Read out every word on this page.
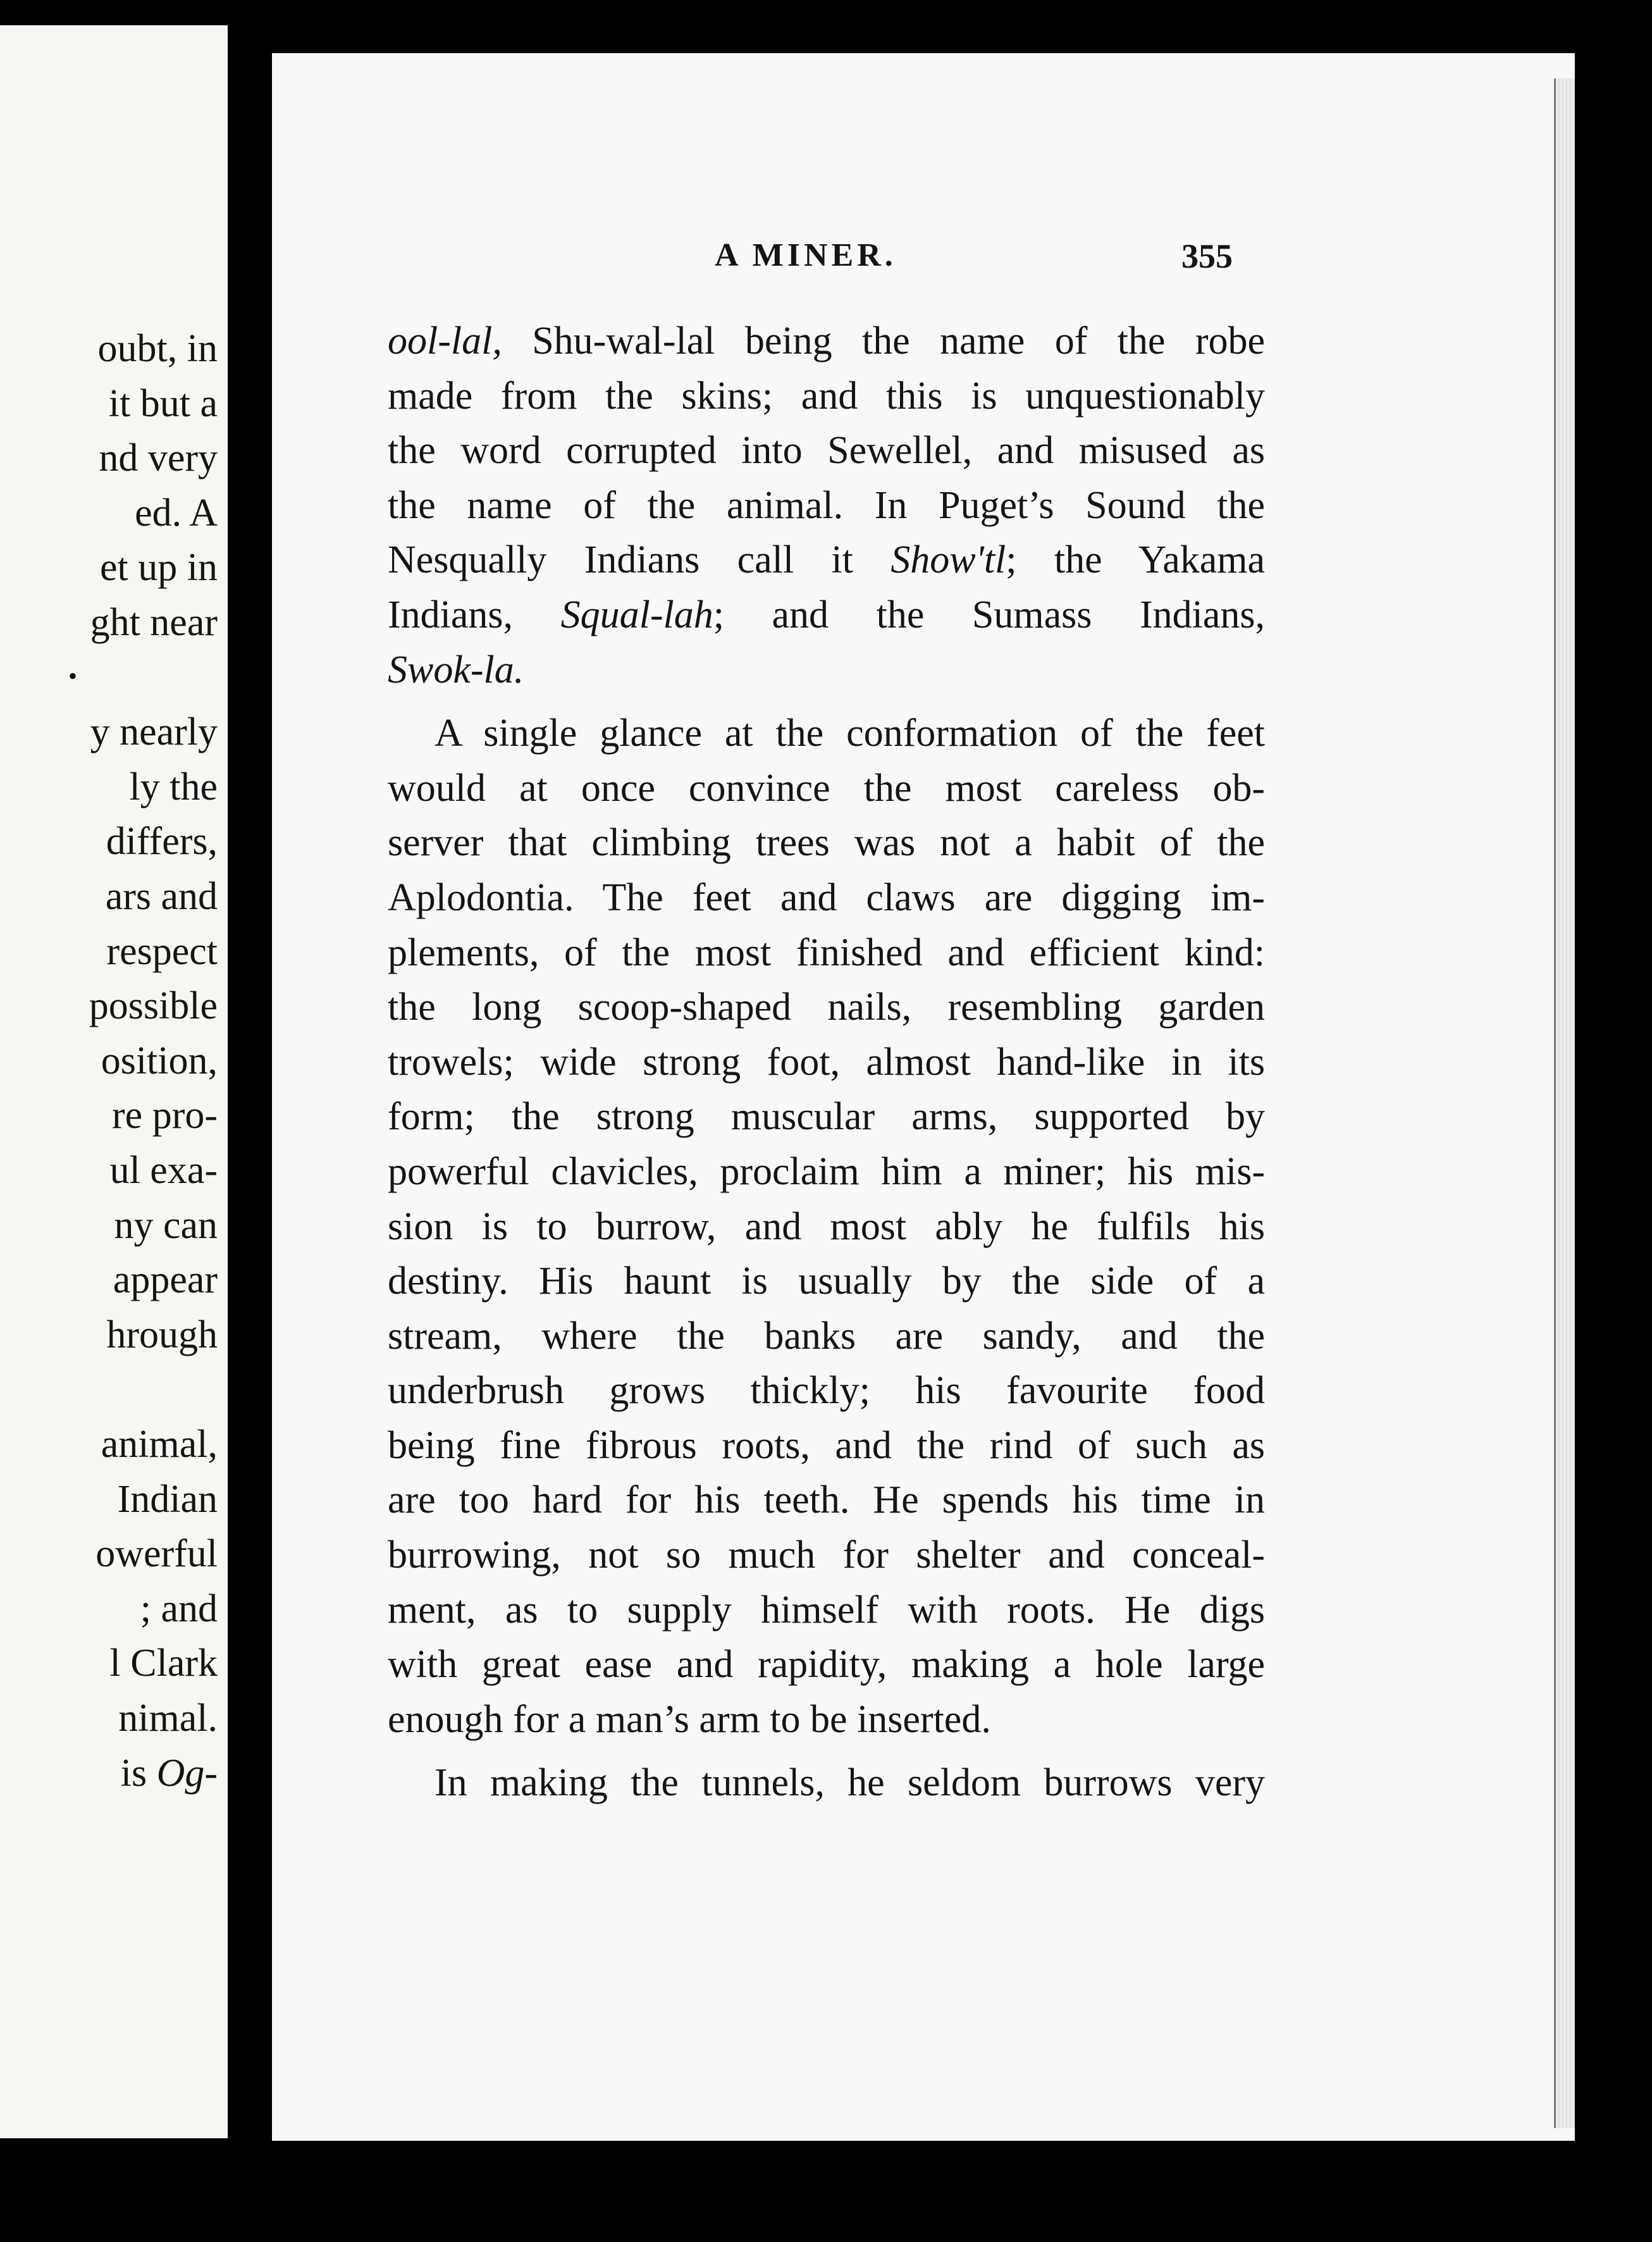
oubt, in
it but a
nd very
ed. A
et up in
ght near
•
y nearly
ly the
differs,
ars and
respect
possible
osition,
re pro-
ul exa-
ny can
appear
hrough
animal,
Indian
owerful
; and
l Clark
nimal.
is Og-
A MINER.	355
ool-lal, Shu-wal-lal being the name of the robe
made from the skins; and this is unquestionably
the word corrupted into Sewellel, and misused as
the name of the animal. In Puget’s Sound the
Nesqually Indians call it Show'tl; the Yakama
Indians, Squal-lah; and the Sumass Indians,
Swok-la.
A single glance at the conformation of the feet
would at once convince the most careless ob-
server that climbing trees was not a habit of the
Aplodontia. The feet and claws are digging im-
plements, of the most finished and efficient kind:
the long scoop-shaped nails, resembling garden
trowels; wide strong foot, almost hand-like in its
form; the strong muscular arms, supported by
powerful clavicles, proclaim him a miner; his mis-
sion is to burrow, and most ably he fulfils his
destiny. His haunt is usually by the side of a
stream, where the banks are sandy, and the
underbrush grows thickly; his favourite food
being fine fibrous roots, and the rind of such as
are too hard for his teeth. He spends his time in
burrowing, not so much for shelter and conceal-
ment, as to supply himself with roots. He digs
with great ease and rapidity, making a hole large
enough for a man’s arm to be inserted.
In making the tunnels, he seldom burrows very
